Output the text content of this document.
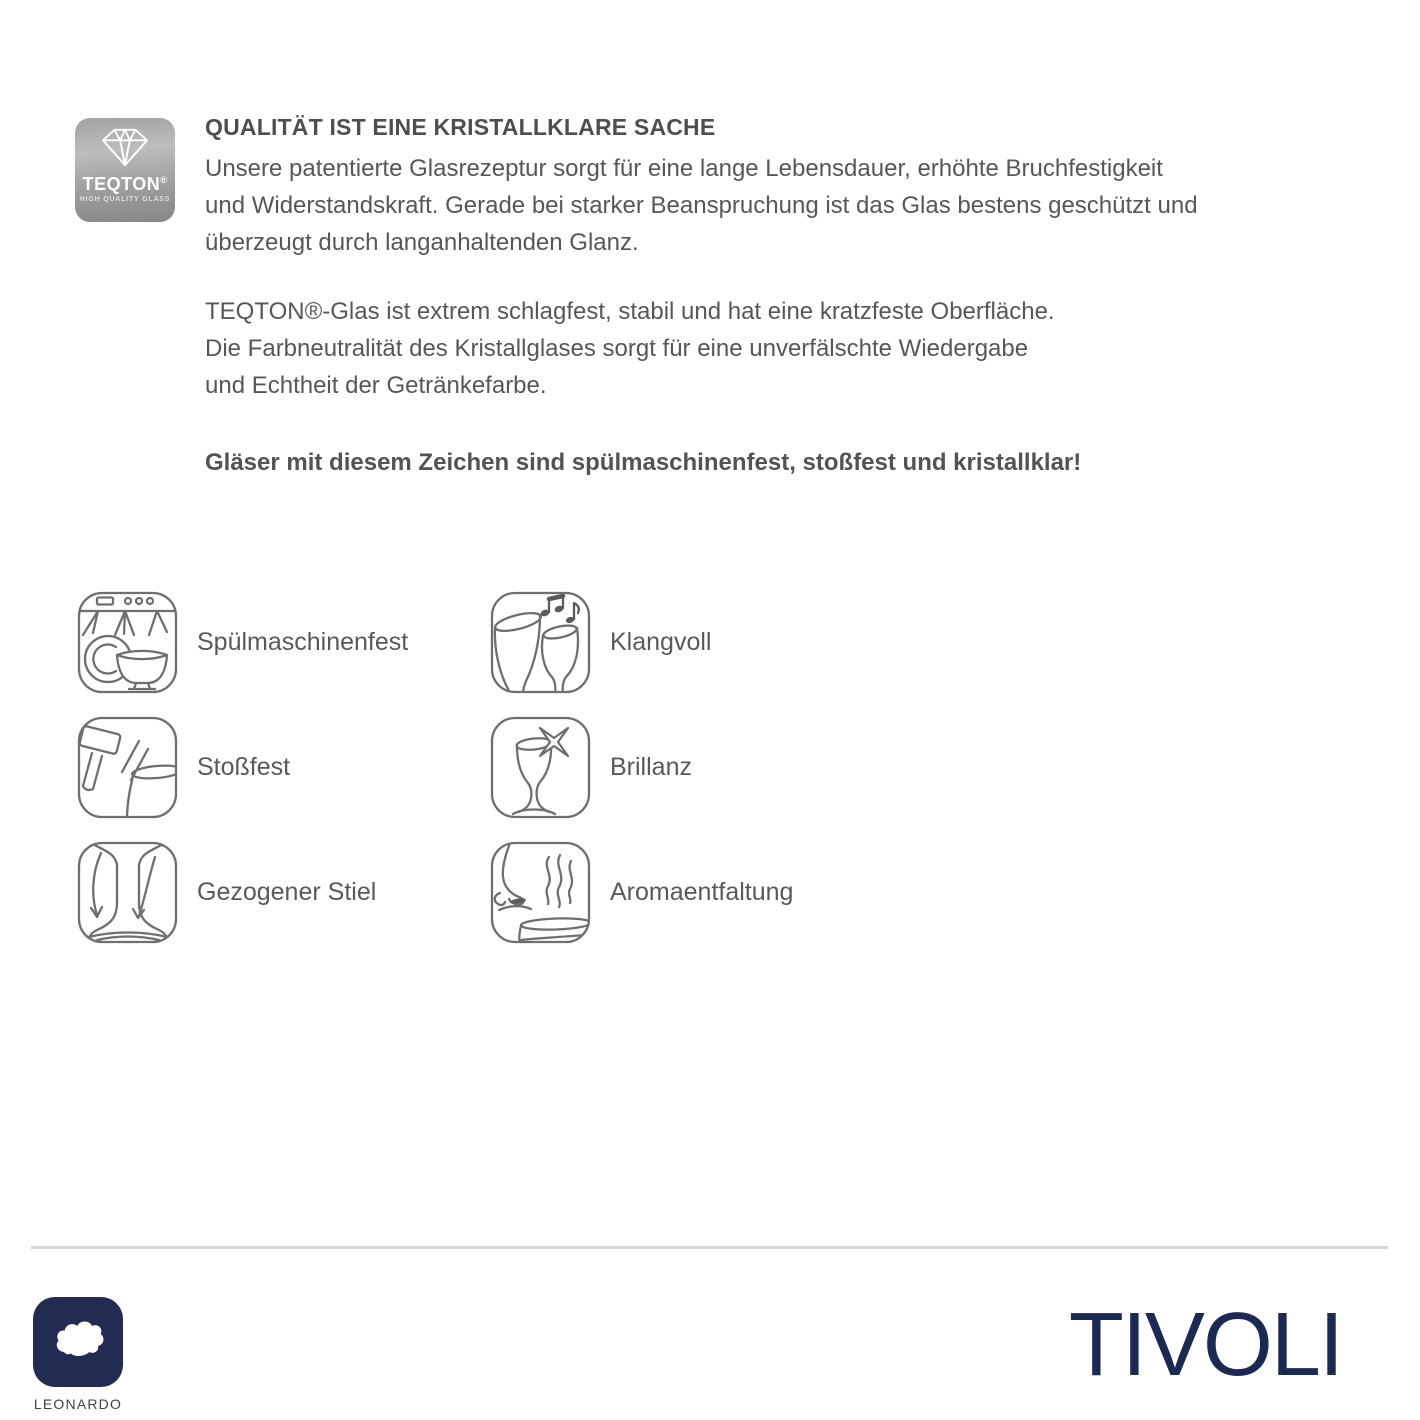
TEQTON®
HIGH QUALITY GLASS
QUALITÄT IST EINE KRISTALLKLARE SACHE
Unsere patentierte Glasrezeptur sorgt für eine lange Lebensdauer, erhöhte Bruchfestigkeit
und Widerstandskraft. Gerade bei starker Beanspruchung ist das Glas bestens geschützt und
überzeugt durch langanhaltenden Glanz.
TEQTON®-Glas ist extrem schlagfest, stabil und hat eine kratzfeste Oberfläche.
Die Farbneutralität des Kristallglases sorgt für eine unverfälschte Wiedergabe
und Echtheit der Getränkefarbe.
Gläser mit diesem Zeichen sind spülmaschinenfest, stoßfest und kristallklar!
Spülmaschinenfest	Klangvoll
Stoßfest	Brillanz
Gezogener Stiel	Aromaentfaltung
LEONARDO
TIVOLI
